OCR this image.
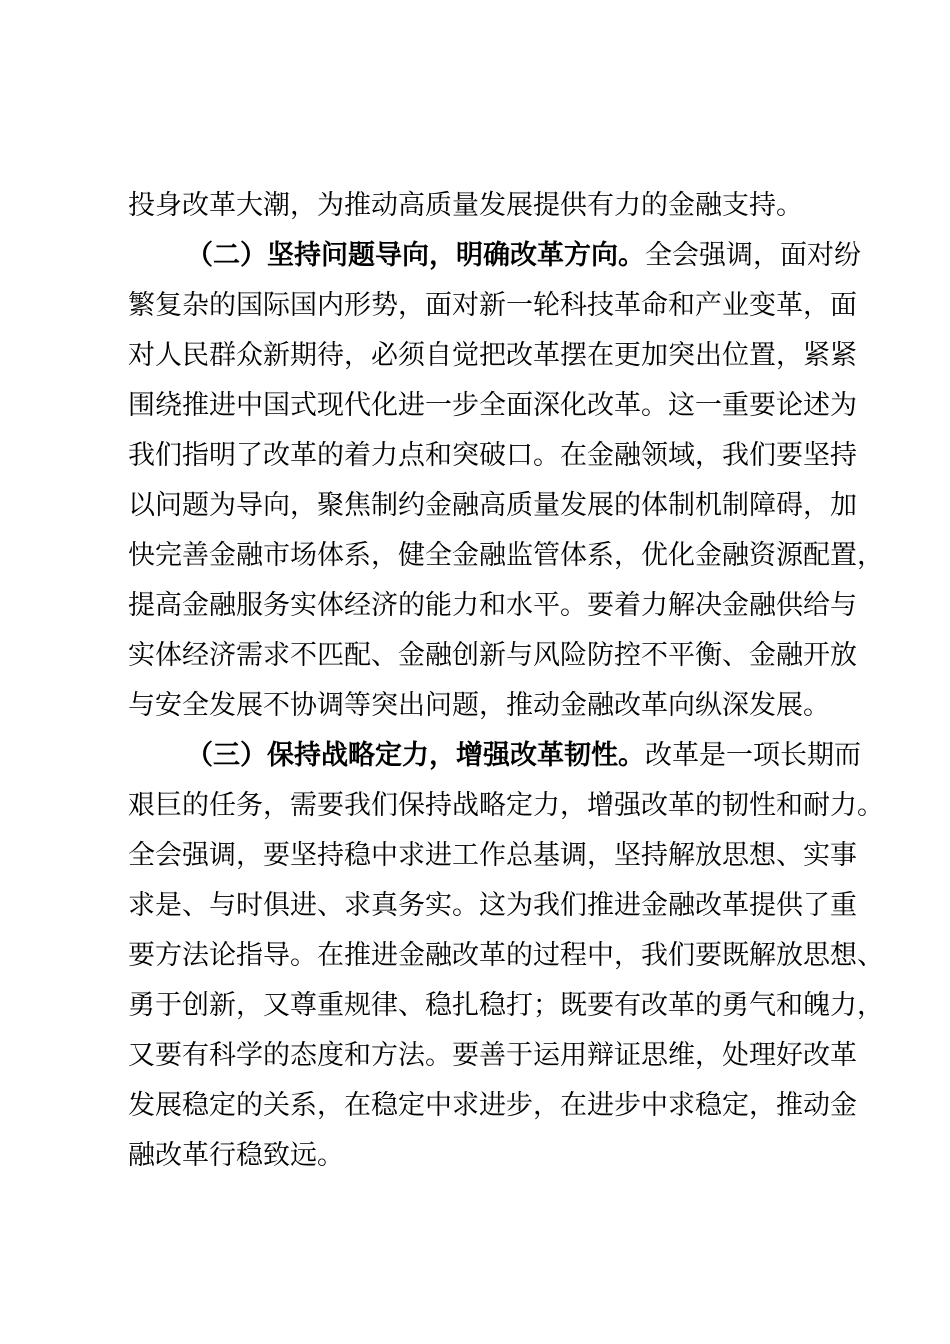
投身改革大潮，为推动高质量发展提供有力的金融支持。
（二）坚持问题导向，明确改革方向。全会强调，面对纷
繁复杂的国际国内形势，面对新一轮科技革命和产业变革，面
对人民群众新期待，必须自觉把改革摆在更加突出位置，紧紧
围绕推进中国式现代化进一步全面深化改革。这一重要论述为
我们指明了改革的着力点和突破口。在金融领域，我们要坚持
以问题为导向，聚焦制约金融高质量发展的体制机制障碍，加
快完善金融市场体系，健全金融监管体系，优化金融资源配置，
提高金融服务实体经济的能力和水平。要着力解决金融供给与
实体经济需求不匹配、金融创新与风险防控不平衡、金融开放
与安全发展不协调等突出问题，推动金融改革向纵深发展。
（三）保持战略定力，增强改革韧性。改革是一项长期而
艰巨的任务，需要我们保持战略定力，增强改革的韧性和耐力。
全会强调，要坚持稳中求进工作总基调，坚持解放思想、实事
求是、与时俱进、求真务实。这为我们推进金融改革提供了重
要方法论指导。在推进金融改革的过程中，我们要既解放思想、
勇于创新，又尊重规律、稳扎稳打；既要有改革的勇气和魄力，
又要有科学的态度和方法。要善于运用辩证思维，处理好改革
发展稳定的关系，在稳定中求进步，在进步中求稳定，推动金
融改革行稳致远。
